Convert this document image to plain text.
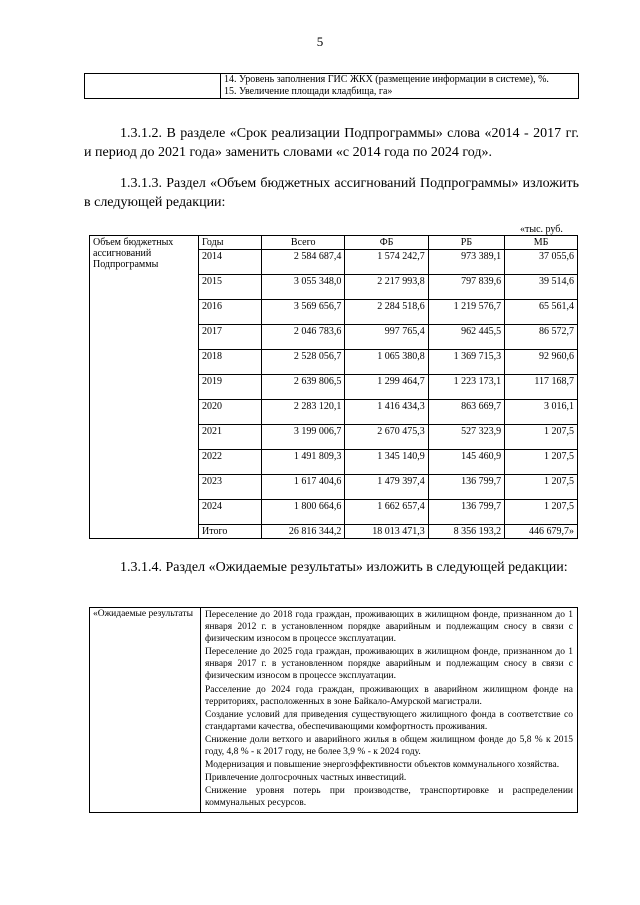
5

14. Уровень заполнения ГИС ЖКХ (размещение информации в системе), %.
15. Увеличение площади кладбища, га»

1.3.1.2. В разделе «Срок реализации Подпрограммы» слова «2014 - 2017 гг. и период до 2021 года» заменить словами «с 2014 года по 2024 год».

1.3.1.3. Раздел «Объем бюджетных ассигнований Подпрограммы» изложить в следующей редакции:

«тыс. руб.
Объем бюджетных ассигнований Подпрограммы	Годы	Всего	ФБ	РБ	МБ
	2014	2 584 687,4	1 574 242,7	973 389,1	37 055,6
	2015	3 055 348,0	2 217 993,8	797 839,6	39 514,6
	2016	3 569 656,7	2 284 518,6	1 219 576,7	65 561,4
	2017	2 046 783,6	997 765,4	962 445,5	86 572,7
	2018	2 528 056,7	1 065 380,8	1 369 715,3	92 960,6
	2019	2 639 806,5	1 299 464,7	1 223 173,1	117 168,7
	2020	2 283 120,1	1 416 434,3	863 669,7	3 016,1
	2021	3 199 006,7	2 670 475,3	527 323,9	1 207,5
	2022	1 491 809,3	1 345 140,9	145 460,9	1 207,5
	2023	1 617 404,6	1 479 397,4	136 799,7	1 207,5
	2024	1 800 664,6	1 662 657,4	136 799,7	1 207,5
	Итого	26 816 344,2	18 013 471,3	8 356 193,2	446 679,7»

1.3.1.4. Раздел «Ожидаемые результаты» изложить в следующей редакции:

«Ожидаемые результаты	Переселение до 2018 года граждан, проживающих в жилищном фонде, признанном до 1 января 2012 г. в установленном порядке аварийным и подлежащим сносу в связи с физическим износом в процессе эксплуатации.

Переселение до 2025 года граждан, проживающих в жилищном фонде, признанном до 1 января 2017 г. в установленном порядке аварийным и подлежащим сносу в связи с физическим износом в процессе эксплуатации.

Расселение до 2024 года граждан, проживающих в аварийном жилищном фонде на территориях, расположенных в зоне Байкало-Амурской магистрали.

Создание условий для приведения существующего жилищного фонда в соответствие со стандартами качества, обеспечивающими комфортность проживания.

Снижение доли ветхого и аварийного жилья в общем жилищном фонде до 5,8 % к 2015 году, 4,8 % - к 2017 году, не более 3,9 % - к 2024 году.

Модернизация и повышение энергоэффективности объектов коммунального хозяйства.

Привлечение долгосрочных частных инвестиций.

Снижение уровня потерь при производстве, транспортировке и распределении коммунальных ресурсов.
